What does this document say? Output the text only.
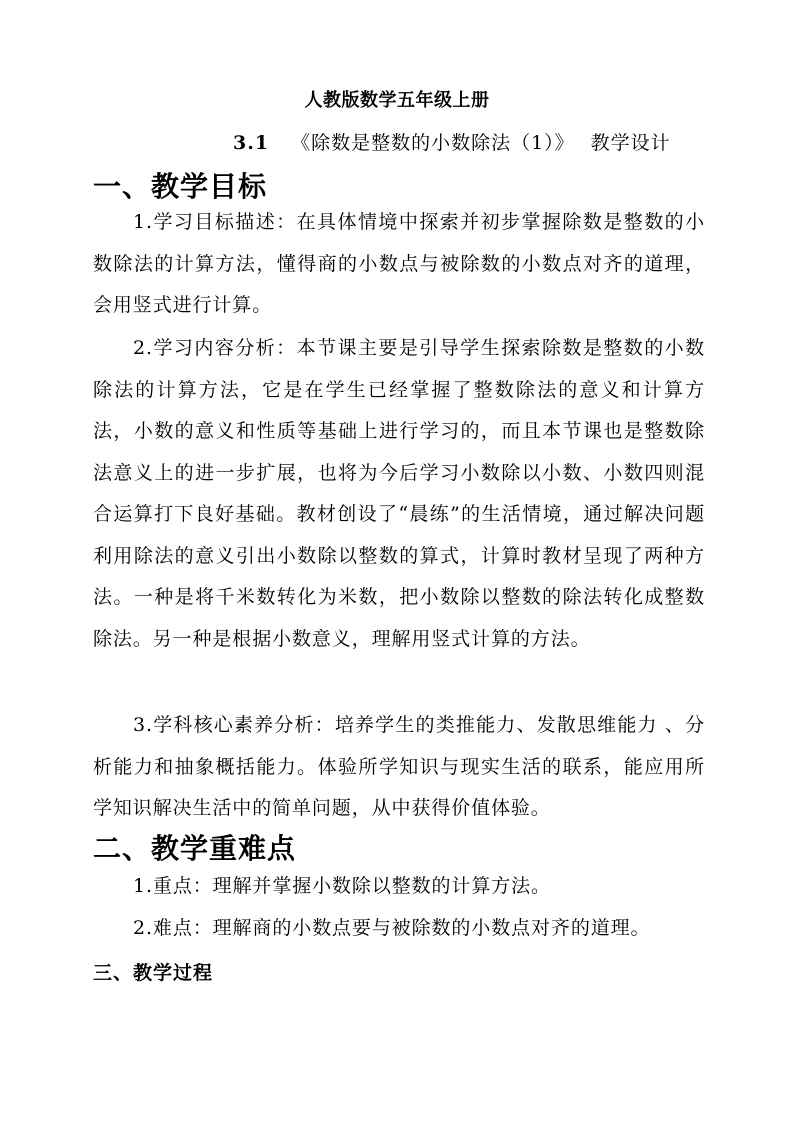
人教版数学五年级上册
3.1 《除数是整数的小数除法（1）》 教学设计
一、教学目标
1.学习目标描述：在具体情境中探索并初步掌握除数是整数的小数除法的计算方法，懂得商的小数点与被除数的小数点对齐的道理，会用竖式进行计算。
2.学习内容分析：本节课主要是引导学生探索除数是整数的小数除法的计算方法，它是在学生已经掌握了整数除法的意义和计算方法，小数的意义和性质等基础上进行学习的，而且本节课也是整数除法意义上的进一步扩展，也将为今后学习小数除以小数、小数四则混合运算打下良好基础。教材创设了“晨练”的生活情境，通过解决问题利用除法的意义引出小数除以整数的算式，计算时教材呈现了两种方法。一种是将千米数转化为米数，把小数除以整数的除法转化成整数除法。另一种是根据小数意义，理解用竖式计算的方法。
3.学科核心素养分析：培养学生的类推能力、发散思维能力 、分析能力和抽象概括能力。体验所学知识与现实生活的联系，能应用所学知识解决生活中的简单问题，从中获得价值体验。
二、教学重难点
1.重点：理解并掌握小数除以整数的计算方法。
2.难点：理解商的小数点要与被除数的小数点对齐的道理。
三、教学过程
